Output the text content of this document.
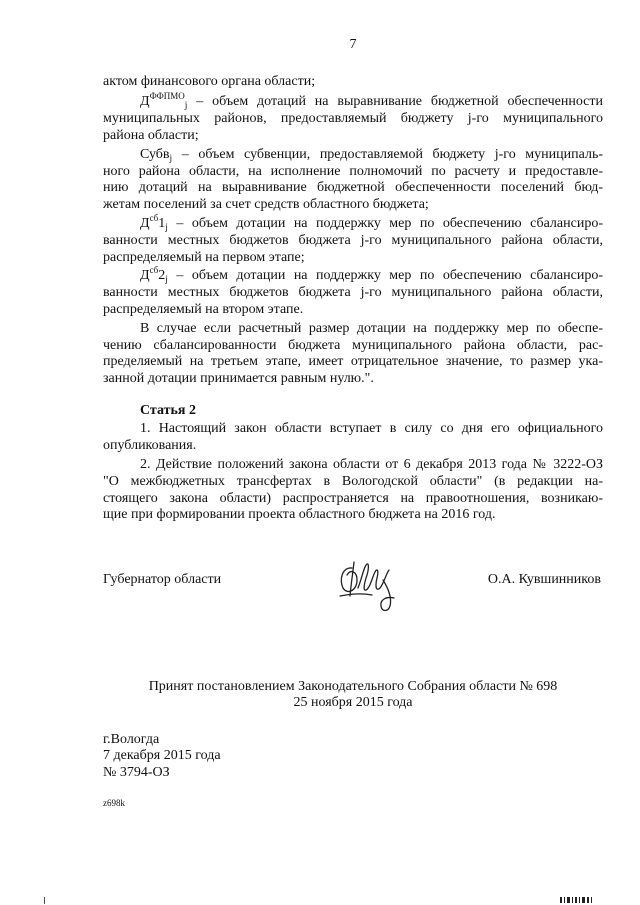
7
актом финансового органа области;
$Д^{ФФПМО}_j$ – объем дотаций на выравнивание бюджетной обеспеченности
муниципальных районов, предоставляемый бюджету j-го муниципального
района области;
Субв$_j$ – объем субвенции, предоставляемой бюджету j-го муниципаль-
ного района области, на исполнение полномочий по расчету и предоставле-
нию дотаций на выравнивание бюджетной обеспеченности поселений бюд-
жетам поселений за счет средств областного бюджета;
$Д^{сб}1_j$ – объем дотации на поддержку мер по обеспечению сбалансиро-
ванности местных бюджетов бюджета j-го муниципального района области,
распределяемый на первом этапе;
$Д^{сб}2_j$ – объем дотации на поддержку мер по обеспечению сбалансиро-
ванности местных бюджетов бюджета j-го муниципального района области,
распределяемый на втором этапе.
В случае если расчетный размер дотации на поддержку мер по обеспе-
чению сбалансированности бюджета муниципального района области, рас-
пределяемый на третьем этапе, имеет отрицательное значение, то размер ука-
занной дотации принимается равным нулю.".
Статья 2
1. Настоящий закон области вступает в силу со дня его официального
опубликования.
2. Действие положений закона области от 6 декабря 2013 года № 3222-ОЗ
"О межбюджетных трансфертах в Вологодской области" (в редакции на-
стоящего закона области) распространяется на правоотношения, возникаю-
щие при формировании проекта областного бюджета на 2016 год.
Губернатор области	О.А. Кувшинников
Принят постановлением Законодательного Собрания области № 698
25 ноября 2015 года
г.Вологда
7 декабря 2015 года
№ 3794-ОЗ
z698k
